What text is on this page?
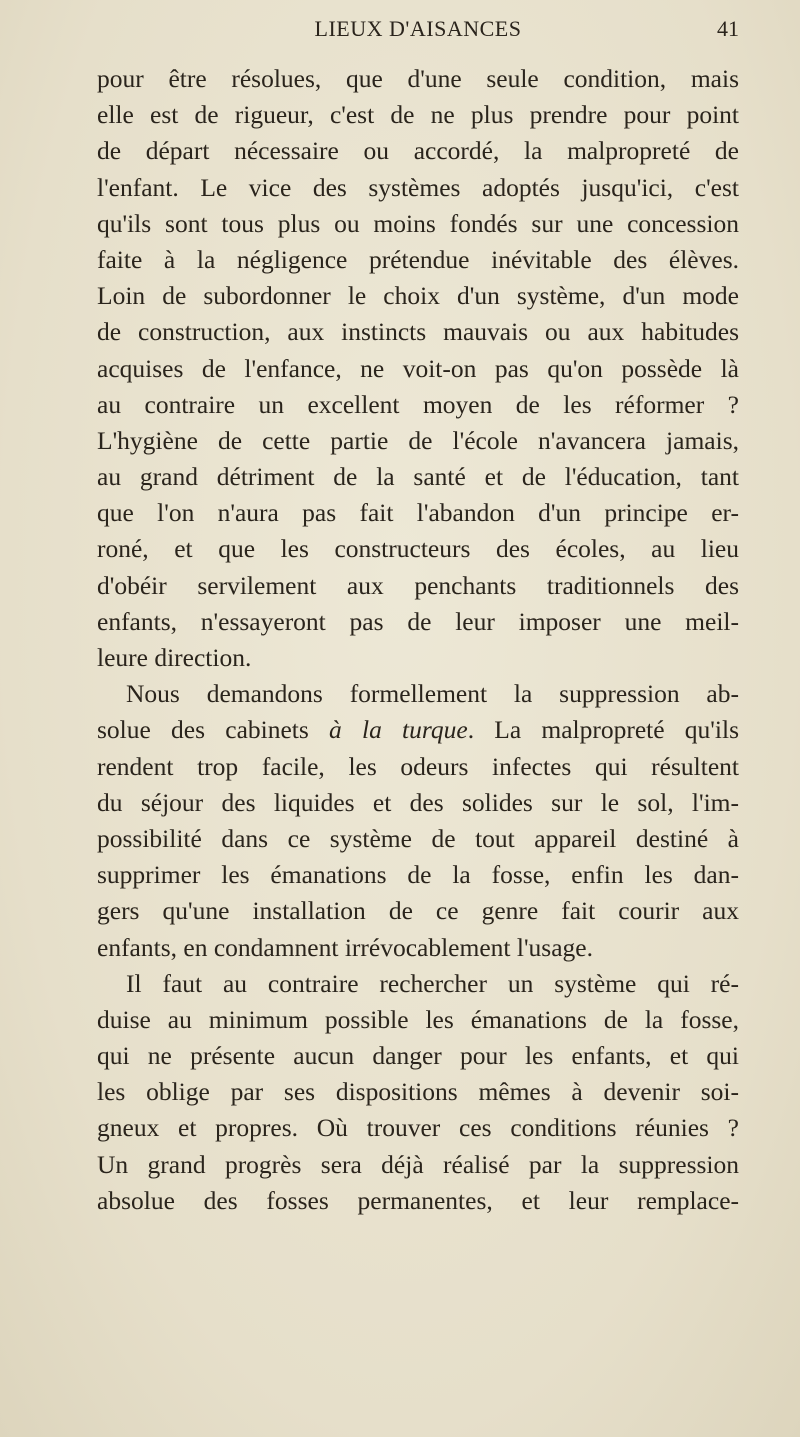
LIEUX D'AISANCES	41
pour être résolues, que d'une seule condition, mais
elle est de rigueur, c'est de ne plus prendre pour point
de départ nécessaire ou accordé, la malpropreté de
l'enfant. Le vice des systèmes adoptés jusqu'ici, c'est
qu'ils sont tous plus ou moins fondés sur une concession
faite à la négligence prétendue inévitable des élèves.
Loin de subordonner le choix d'un système, d'un mode
de construction, aux instincts mauvais ou aux habitudes
acquises de l'enfance, ne voit-on pas qu'on possède là
au contraire un excellent moyen de les réformer ?
L'hygiène de cette partie de l'école n'avancera jamais,
au grand détriment de la santé et de l'éducation, tant
que l'on n'aura pas fait l'abandon d'un principe er-
roné, et que les constructeurs des écoles, au lieu
d'obéir servilement aux penchants traditionnels des
enfants, n'essayeront pas de leur imposer une meil-
leure direction.
Nous demandons formellement la suppression ab-
solue des cabinets à la turque. La malpropreté qu'ils
rendent trop facile, les odeurs infectes qui résultent
du séjour des liquides et des solides sur le sol, l'im-
possibilité dans ce système de tout appareil destiné à
supprimer les émanations de la fosse, enfin les dan-
gers qu'une installation de ce genre fait courir aux
enfants, en condamnent irrévocablement l'usage.
Il faut au contraire rechercher un système qui ré-
duise au minimum possible les émanations de la fosse,
qui ne présente aucun danger pour les enfants, et qui
les oblige par ses dispositions mêmes à devenir soi-
gneux et propres. Où trouver ces conditions réunies ?
Un grand progrès sera déjà réalisé par la suppression
absolue des fosses permanentes, et leur remplace-
